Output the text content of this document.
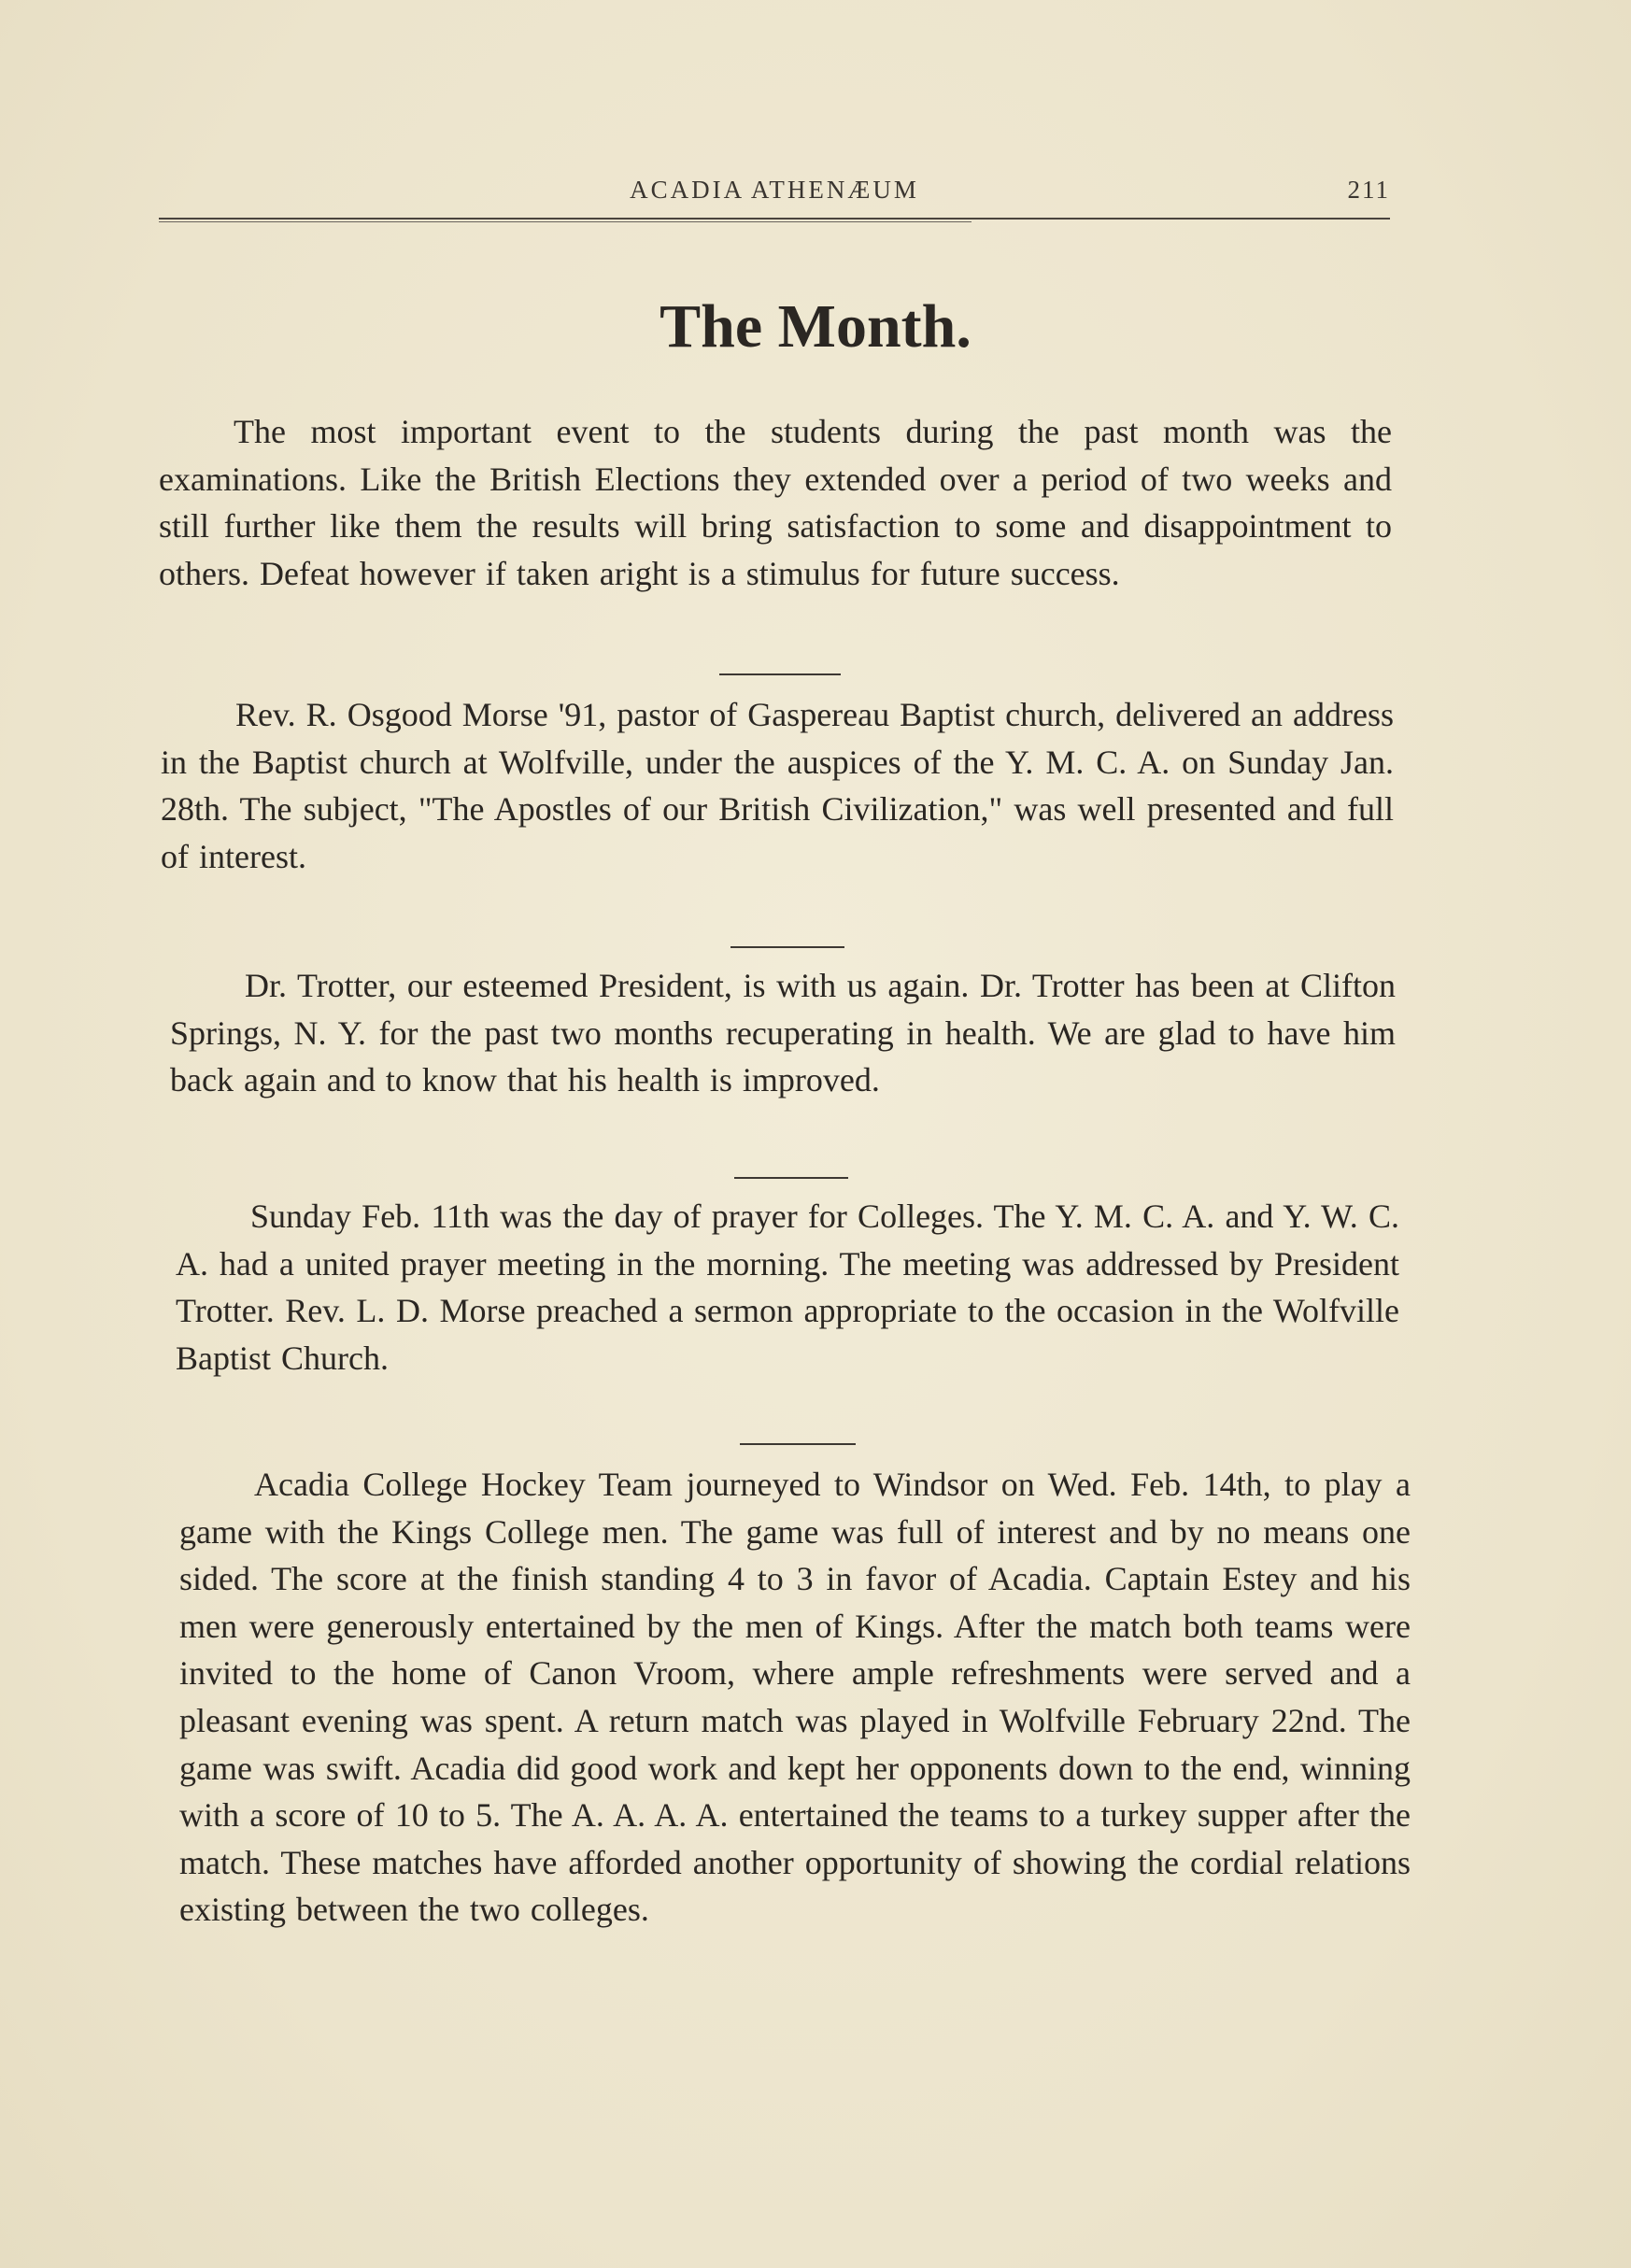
ACADIA ATHENÆUM	211
The Month.

The most important event to the students during the past month was the examinations. Like the British Elections they extended over a period of two weeks and still further like them the results will bring satisfaction to some and disappointment to others. Defeat however if taken aright is a stimulus for future success.

Rev. R. Osgood Morse '91, pastor of Gaspereau Baptist church, delivered an address in the Baptist church at Wolfville, under the auspices of the Y. M. C. A. on Sunday Jan. 28th. The subject, "The Apostles of our British Civilization," was well presented and full of interest.

Dr. Trotter, our esteemed President, is with us again. Dr. Trotter has been at Clifton Springs, N. Y. for the past two months recuperating in health. We are glad to have him back again and to know that his health is improved.

Sunday Feb. 11th was the day of prayer for Colleges. The Y. M. C. A. and Y. W. C. A. had a united prayer meeting in the morning. The meeting was addressed by President Trotter. Rev. L. D. Morse preached a sermon appropriate to the occasion in the Wolfville Baptist Church.

Acadia College Hockey Team journeyed to Windsor on Wed. Feb. 14th, to play a game with the Kings College men. The game was full of interest and by no means one sided. The score at the finish standing 4 to 3 in favor of Acadia. Captain Estey and his men were generously entertained by the men of Kings. After the match both teams were invited to the home of Canon Vroom, where ample refreshments were served and a pleasant evening was spent. A return match was played in Wolfville February 22nd. The game was swift. Acadia did good work and kept her opponents down to the end, winning with a score of 10 to 5. The A. A. A. A. entertained the teams to a turkey supper after the match. These matches have afforded another opportunity of showing the cordial relations existing between the two colleges.
